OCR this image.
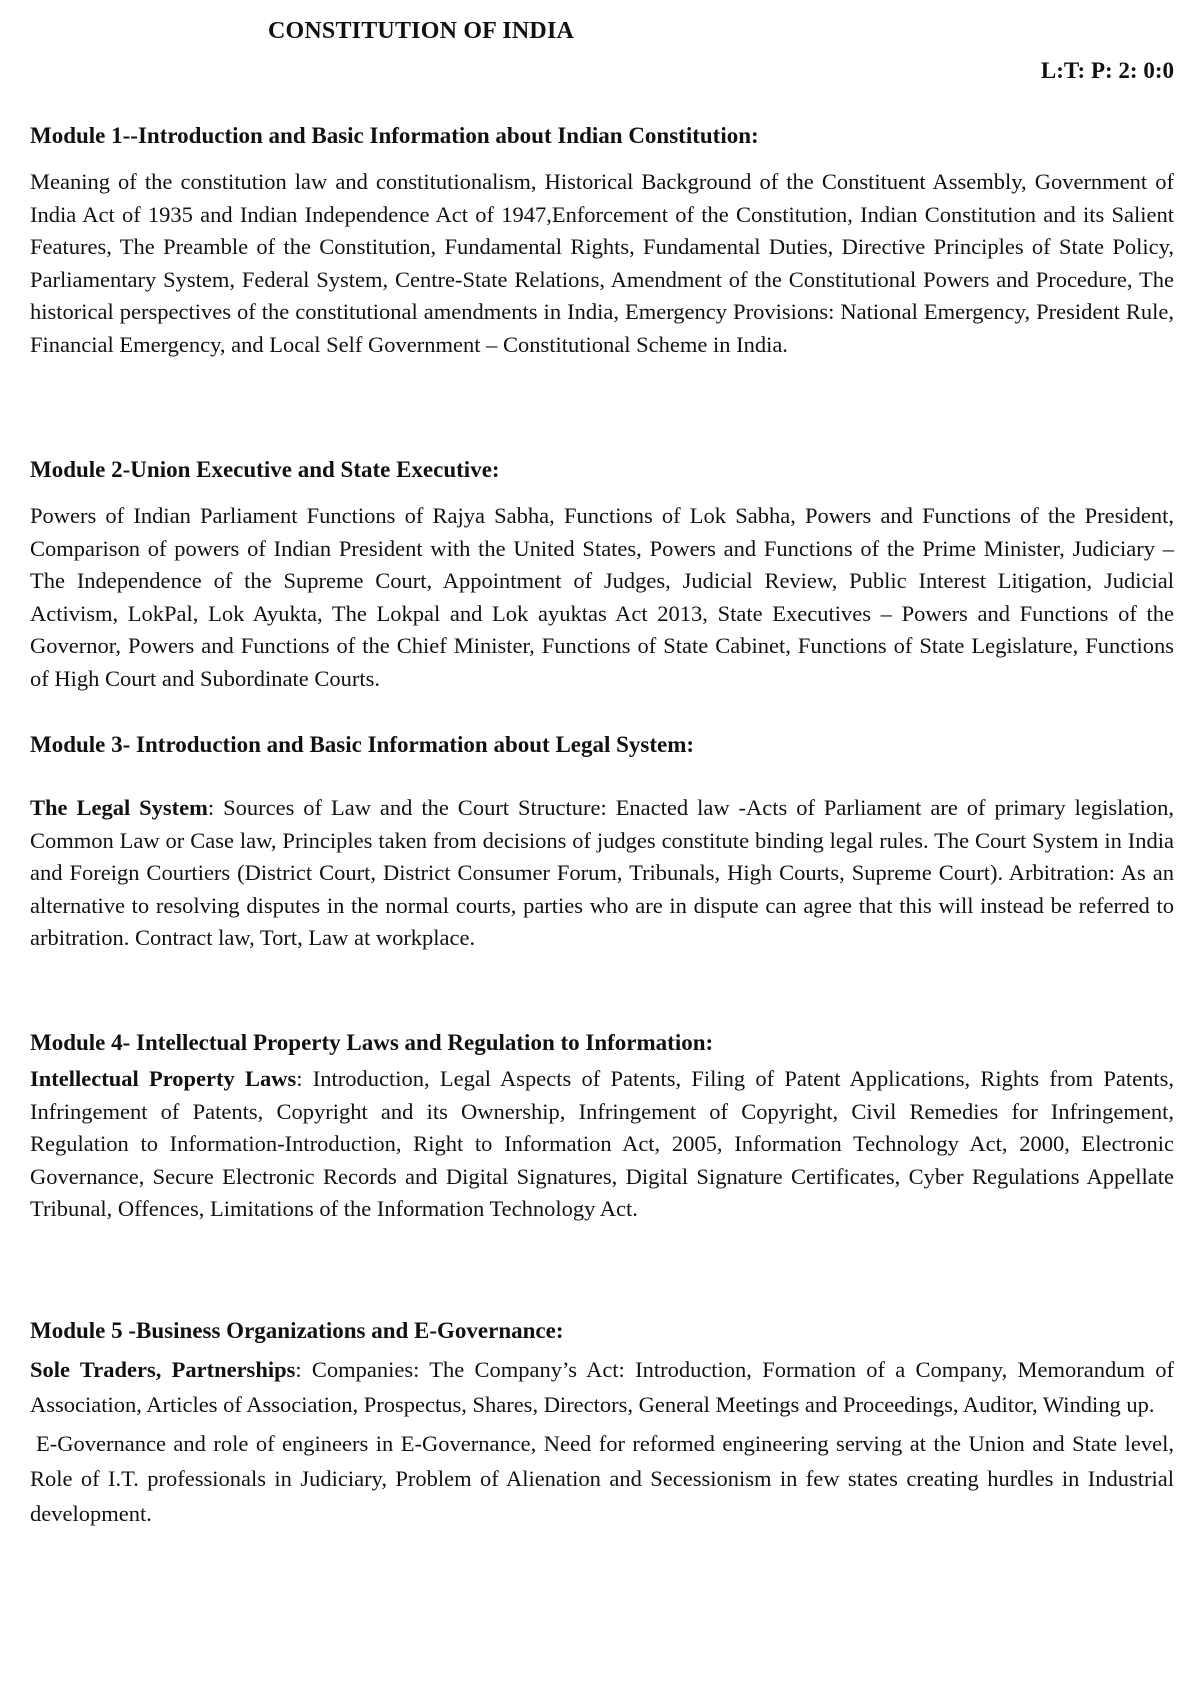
CONSTITUTION OF INDIA
L:T: P: 2: 0:0
Module 1--Introduction and Basic Information about Indian Constitution:

Meaning of the constitution law and constitutionalism, Historical Background of the Constituent Assembly, Government of India Act of 1935 and Indian Independence Act of 1947,Enforcement of the Constitution, Indian Constitution and its Salient Features, The Preamble of the Constitution, Fundamental Rights, Fundamental Duties, Directive Principles of State Policy, Parliamentary System, Federal System, Centre-State Relations, Amendment of the Constitutional Powers and Procedure, The historical perspectives of the constitutional amendments in India, Emergency Provisions: National Emergency, President Rule, Financial Emergency, and Local Self Government – Constitutional Scheme in India.

Module 2-Union Executive and State Executive:

Powers of Indian Parliament Functions of Rajya Sabha, Functions of Lok Sabha, Powers and Functions of the President, Comparison of powers of Indian President with the United States, Powers and Functions of the Prime Minister, Judiciary – The Independence of the Supreme Court, Appointment of Judges, Judicial Review, Public Interest Litigation, Judicial Activism, LokPal, Lok Ayukta, The Lokpal and Lok ayuktas Act 2013, State Executives – Powers and Functions of the Governor, Powers and Functions of the Chief Minister, Functions of State Cabinet, Functions of State Legislature, Functions of High Court and Subordinate Courts.

Module 3- Introduction and Basic Information about Legal System:

The Legal System: Sources of Law and the Court Structure: Enacted law -Acts of Parliament are of primary legislation, Common Law or Case law, Principles taken from decisions of judges constitute binding legal rules. The Court System in India and Foreign Courtiers (District Court, District Consumer Forum, Tribunals, High Courts, Supreme Court). Arbitration: As an alternative to resolving disputes in the normal courts, parties who are in dispute can agree that this will instead be referred to arbitration. Contract law, Tort, Law at workplace.

Module 4- Intellectual Property Laws and Regulation to Information:

Intellectual Property Laws: Introduction, Legal Aspects of Patents, Filing of Patent Applications, Rights from Patents, Infringement of Patents, Copyright and its Ownership, Infringement of Copyright, Civil Remedies for Infringement, Regulation to Information-Introduction, Right to Information Act, 2005, Information Technology Act, 2000, Electronic Governance, Secure Electronic Records and Digital Signatures, Digital Signature Certificates, Cyber Regulations Appellate Tribunal, Offences, Limitations of the Information Technology Act.

Module 5 -Business Organizations and E-Governance:

Sole Traders, Partnerships: Companies: The Company’s Act: Introduction, Formation of a Company, Memorandum of Association, Articles of Association, Prospectus, Shares, Directors, General Meetings and Proceedings, Auditor, Winding up.

E-Governance and role of engineers in E-Governance, Need for reformed engineering serving at the Union and State level, Role of I.T. professionals in Judiciary, Problem of Alienation and Secessionism in few states creating hurdles in Industrial development.
